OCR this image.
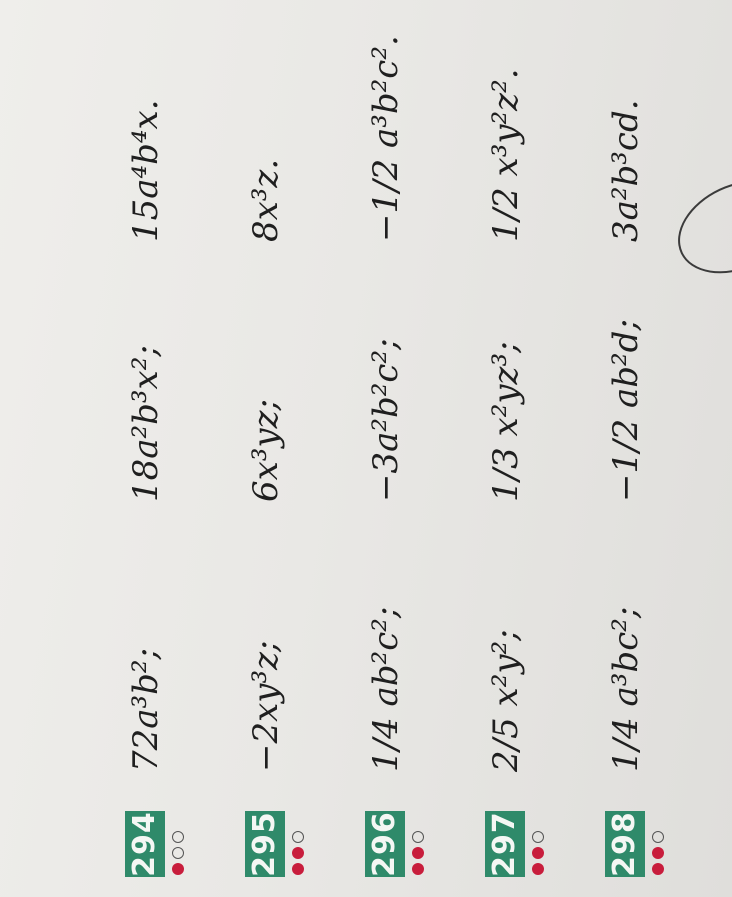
294
72a³b²;
18a²b³x²;
15a⁴b⁴x.
295
−2xy³z;
6x³yz;
8x³z.
296
1/4 ab²c²;
−3a²b²c²;
−1/2 a³b²c².
297
2/5 x²y²;
1/3 x²yz³;
1/2 x³y²z².
298
1/4 a³bc²;
−1/2 ab²d;
3a²b³cd.
